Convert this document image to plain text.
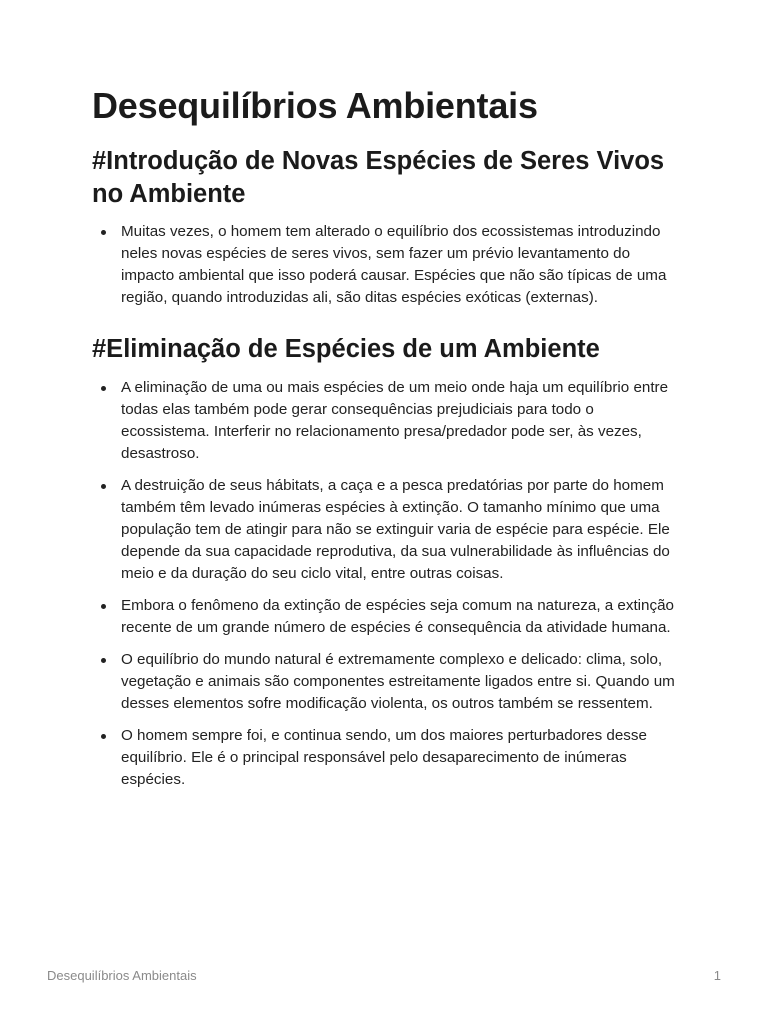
Desequilíbrios Ambientais
#Introdução de Novas Espécies de Seres Vivos no Ambiente
Muitas vezes, o homem tem alterado o equilíbrio dos ecossistemas introduzindo neles novas espécies de seres vivos, sem fazer um prévio levantamento do impacto ambiental que isso poderá causar. Espécies que não são típicas de uma região, quando introduzidas ali, são ditas espécies exóticas (externas).
#Eliminação de Espécies de um Ambiente
A eliminação de uma ou mais espécies de um meio onde haja um equilíbrio entre todas elas também pode gerar consequências prejudiciais para todo o ecossistema. Interferir no relacionamento presa/predador pode ser, às vezes, desastroso.
A destruição de seus hábitats, a caça e a pesca predatórias por parte do homem também têm levado inúmeras espécies à extinção. O tamanho mínimo que uma população tem de atingir para não se extinguir varia de espécie para espécie. Ele depende da sua capacidade reprodutiva, da sua vulnerabilidade às influências do meio e da duração do seu ciclo vital, entre outras coisas.
Embora o fenômeno da extinção de espécies seja comum na natureza, a extinção recente de um grande número de espécies é consequência da atividade humana.
O equilíbrio do mundo natural é extremamente complexo e delicado: clima, solo, vegetação e animais são componentes estreitamente ligados entre si. Quando um desses elementos sofre modificação violenta, os outros também se ressentem.
O homem sempre foi, e continua sendo, um dos maiores perturbadores desse equilíbrio. Ele é o principal responsável pelo desaparecimento de inúmeras espécies.
Desequilíbrios Ambientais	1
